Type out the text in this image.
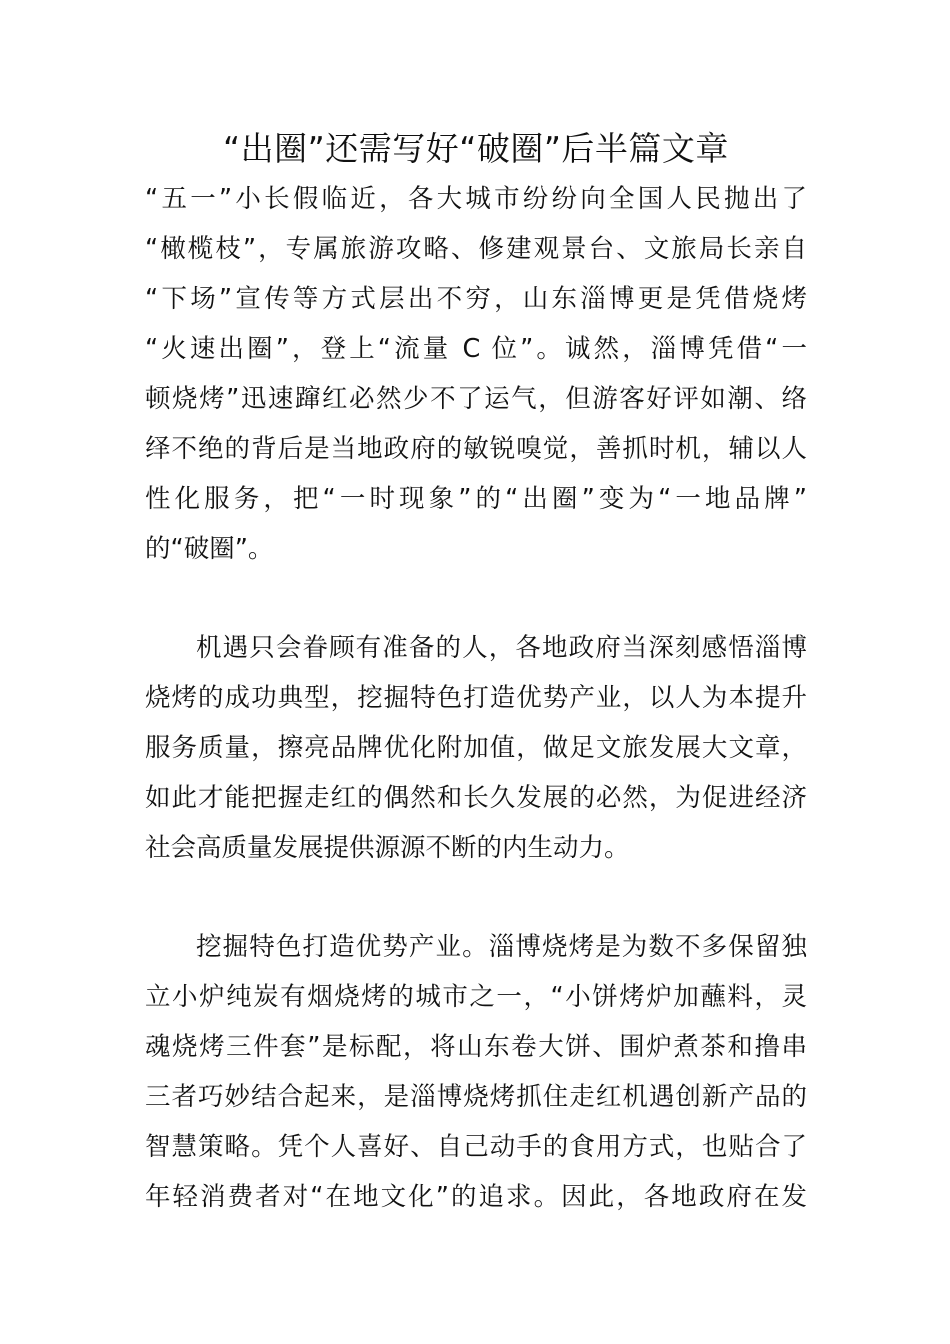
“出圈”还需写好“破圈”后半篇文章

“五一”小长假临近，各大城市纷纷向全国人民抛出了

“橄榄枝”，专属旅游攻略、修建观景台、文旅局长亲自

“下场”宣传等方式层出不穷，山东淄博更是凭借烧烤

“火速出圈”，登上“流量 C 位”。诚然，淄博凭借“一

顿烧烤”迅速蹿红必然少不了运气，但游客好评如潮、络

绎不绝的背后是当地政府的敏锐嗅觉，善抓时机，辅以人

性化服务，把“一时现象”的“出圈”变为“一地品牌”

的“破圈”。

机遇只会眷顾有准备的人，各地政府当深刻感悟淄博

烧烤的成功典型，挖掘特色打造优势产业，以人为本提升

服务质量，擦亮品牌优化附加值，做足文旅发展大文章，

如此才能把握走红的偶然和长久发展的必然，为促进经济

社会高质量发展提供源源不断的内生动力。

挖掘特色打造优势产业。淄博烧烤是为数不多保留独

立小炉纯炭有烟烧烤的城市之一，“小饼烤炉加蘸料，灵

魂烧烤三件套”是标配，将山东卷大饼、围炉煮茶和撸串

三者巧妙结合起来，是淄博烧烤抓住走红机遇创新产品的

智慧策略。凭个人喜好、自己动手的食用方式，也贴合了

年轻消费者对“在地文化”的追求。因此，各地政府在发
